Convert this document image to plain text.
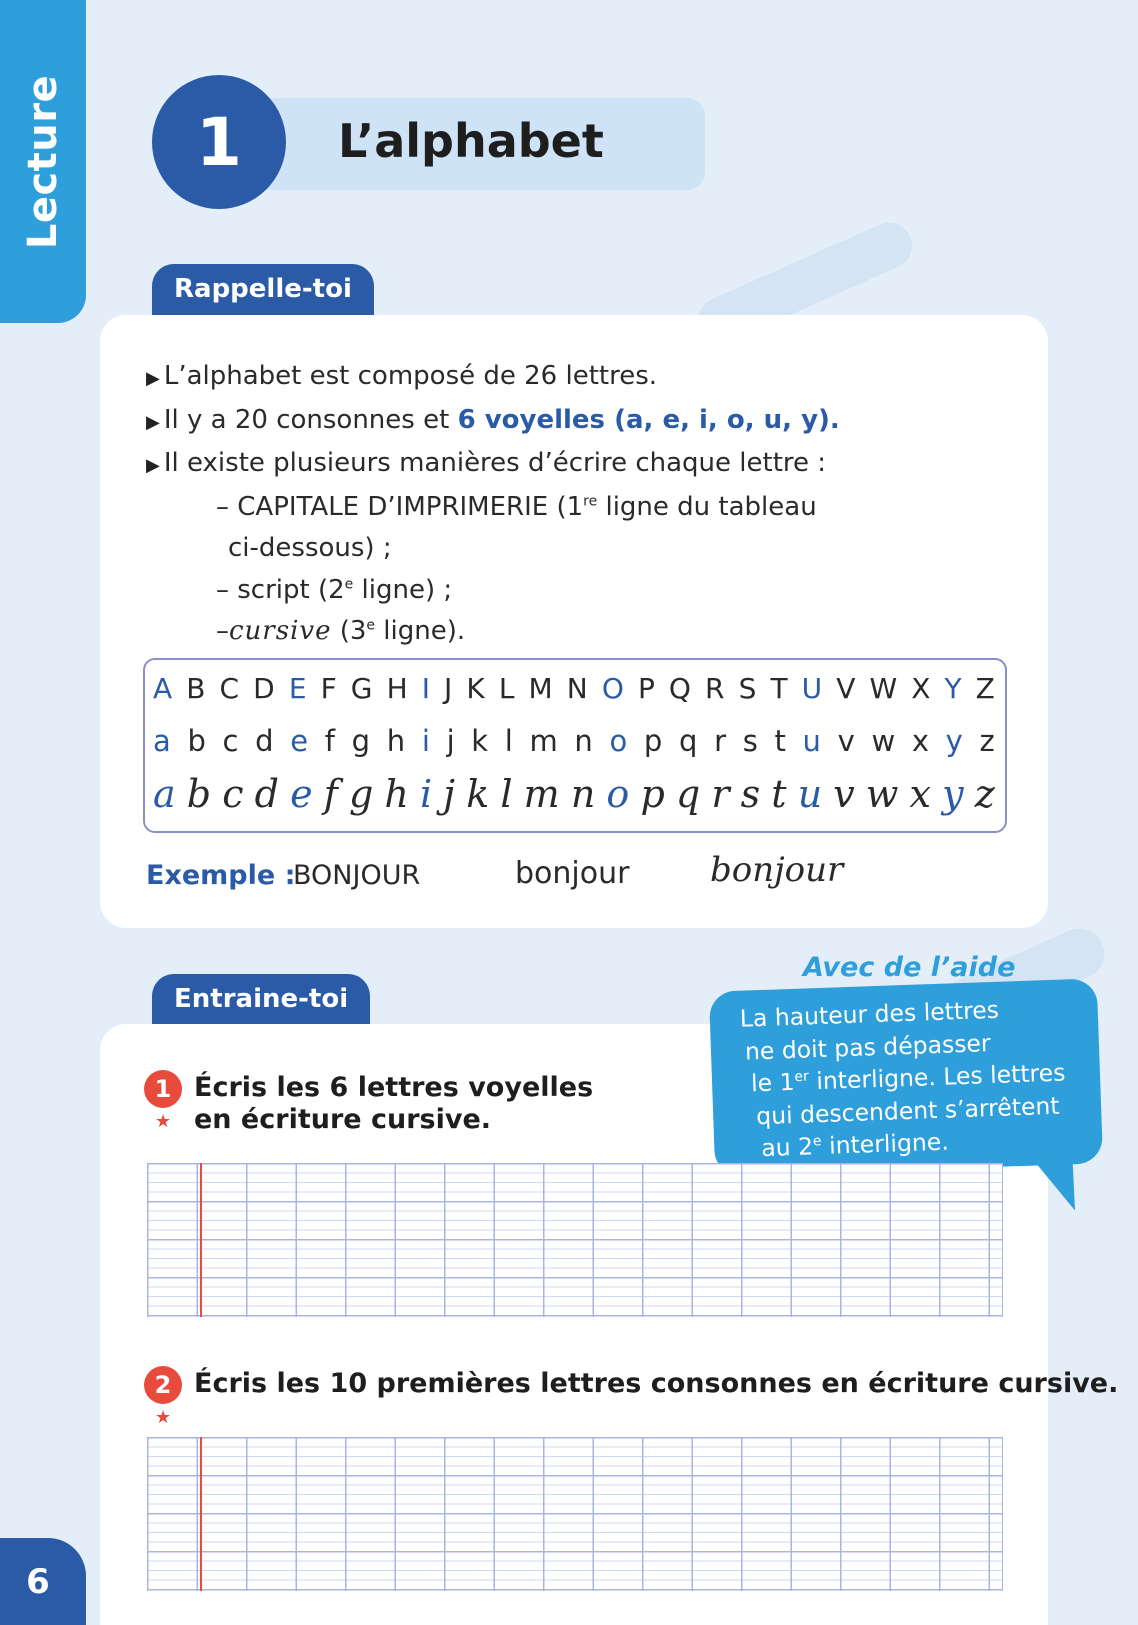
Lecture	1	L’alphabet
Rappelle-toi
▶ L’alphabet est composé de 26 lettres.
▶ Il y a 20 consonnes et 6 voyelles (a, e, i, o, u, y).
▶ Il existe plusieurs manières d’écrire chaque lettre :
– CAPITALE D’IMPRIMERIE (1re ligne du tableau
ci-dessous) ;
– script (2e ligne) ;
–cursive (3e ligne).
A B C D E F G H I J K L M N O P Q R S T U V W X Y Z
a b c d e f g h i j k l m n o p q r s t u v w x y z
a b c d e f g h i j k l m n o p q r s t u v w x y z
Exemple :
BONJOUR	bonjour bonjour
Entraine-toi
Avec de l’aide
La hauteur des lettres
ne doit pas dépasser
le 1er interligne. Les lettres
qui descendent s’arrêtent
au 2e interligne.
1
★
Écris les 6 lettres voyelles
en écriture cursive.
2
★
Écris les 10 premières lettres consonnes en écriture cursive.
6
